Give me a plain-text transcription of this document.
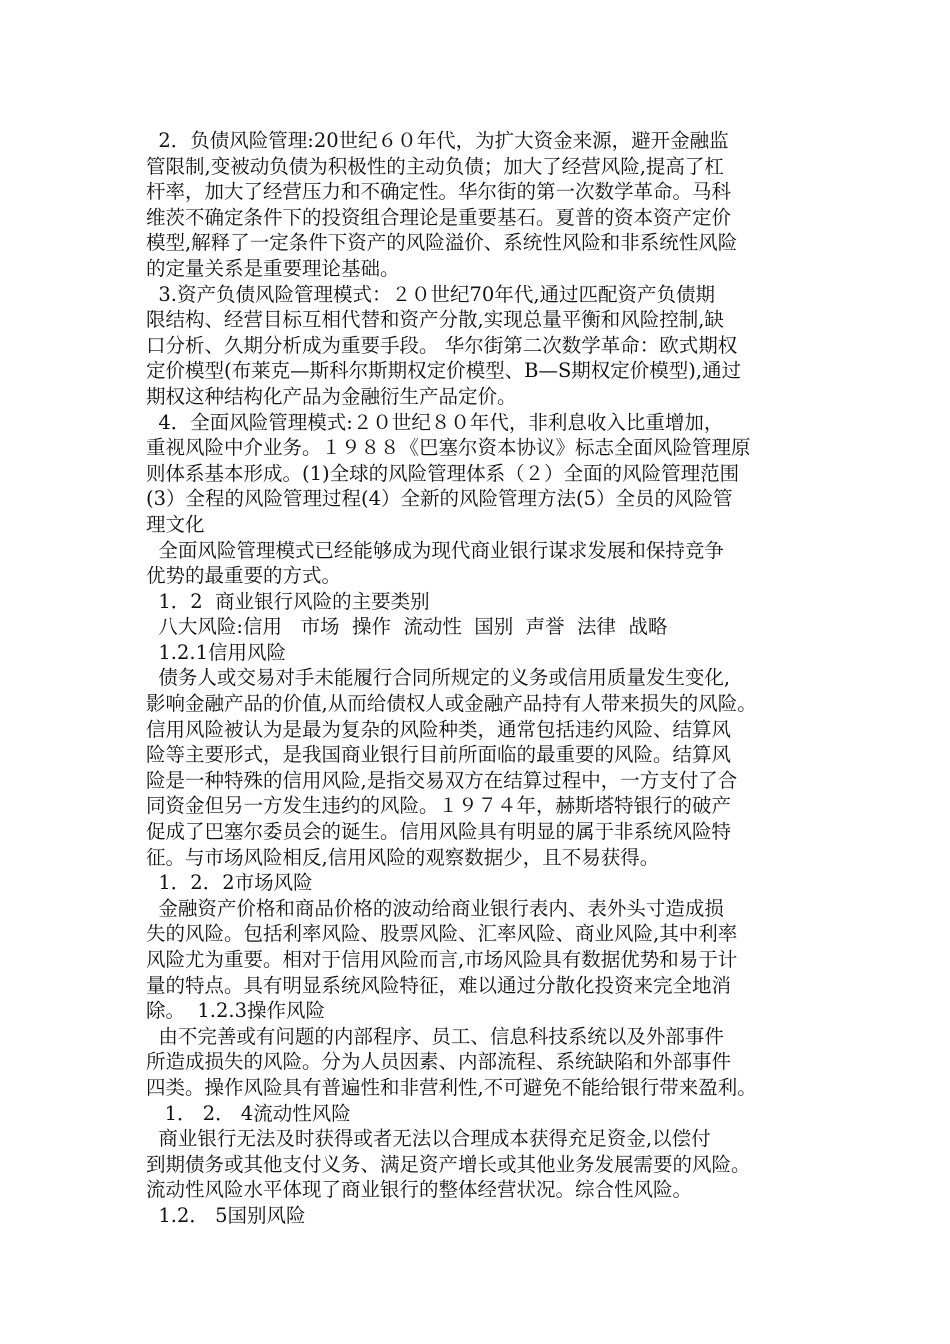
2．负债风险管理:20世纪６０年代，为扩大资金来源，避开金融监
管限制,变被动负债为积极性的主动负债；加大了经营风险,提高了杠
杆率，加大了经营压力和不确定性。华尔街的第一次数学革命。马科
维茨不确定条件下的投资组合理论是重要基石。夏普的资本资产定价
模型,解释了一定条件下资产的风险溢价、系统性风险和非系统性风险
的定量关系是重要理论基础。
3.资产负债风险管理模式：２０世纪70年代,通过匹配资产负债期
限结构、经营目标互相代替和资产分散,实现总量平衡和风险控制,缺
口分析、久期分析成为重要手段。 华尔街第二次数学革命：欧式期权
定价模型(布莱克—斯科尔斯期权定价模型、B—S期权定价模型),通过
期权这种结构化产品为金融衍生产品定价。
4．全面风险管理模式:２０世纪８０年代，非利息收入比重增加，
重视风险中介业务。１９８８《巴塞尔资本协议》标志全面风险管理原
则体系基本形成。(1)全球的风险管理体系（２）全面的风险管理范围
(3）全程的风险管理过程(4）全新的风险管理方法(5）全员的风险管
理文化
全面风险管理模式已经能够成为现代商业银行谋求发展和保持竞争
优势的最重要的方式。
1．2  商业银行风险的主要类别
八大风险:信用   市场  操作  流动性  国别  声誉  法律  战略
1.2.1信用风险
债务人或交易对手未能履行合同所规定的义务或信用质量发生变化,
影响金融产品的价值,从而给债权人或金融产品持有人带来损失的风险。
信用风险被认为是最为复杂的风险种类，通常包括违约风险、结算风
险等主要形式，是我国商业银行目前所面临的最重要的风险。结算风
险是一种特殊的信用风险,是指交易双方在结算过程中，一方支付了合
同资金但另一方发生违约的风险。１９７４年，赫斯塔特银行的破产
促成了巴塞尔委员会的诞生。信用风险具有明显的属于非系统风险特
征。与市场风险相反,信用风险的观察数据少，且不易获得。
1．2．2市场风险
金融资产价格和商品价格的波动给商业银行表内、表外头寸造成损
失的风险。包括利率风险、股票风险、汇率风险、商业风险,其中利率
风险尤为重要。相对于信用风险而言,市场风险具有数据优势和易于计
量的特点。具有明显系统风险特征，难以通过分散化投资来完全地消
除。  1.2.3操作风险
由不完善或有问题的内部程序、员工、信息科技系统以及外部事件
所造成损失的风险。分为人员因素、内部流程、系统缺陷和外部事件
四类。操作风险具有普遍性和非营利性,不可避免不能给银行带来盈利。
1． 2． 4流动性风险
商业银行无法及时获得或者无法以合理成本获得充足资金,以偿付
到期债务或其他支付义务、满足资产增长或其他业务发展需要的风险。
流动性风险水平体现了商业银行的整体经营状况。综合性风险。
1.2． 5国别风险
